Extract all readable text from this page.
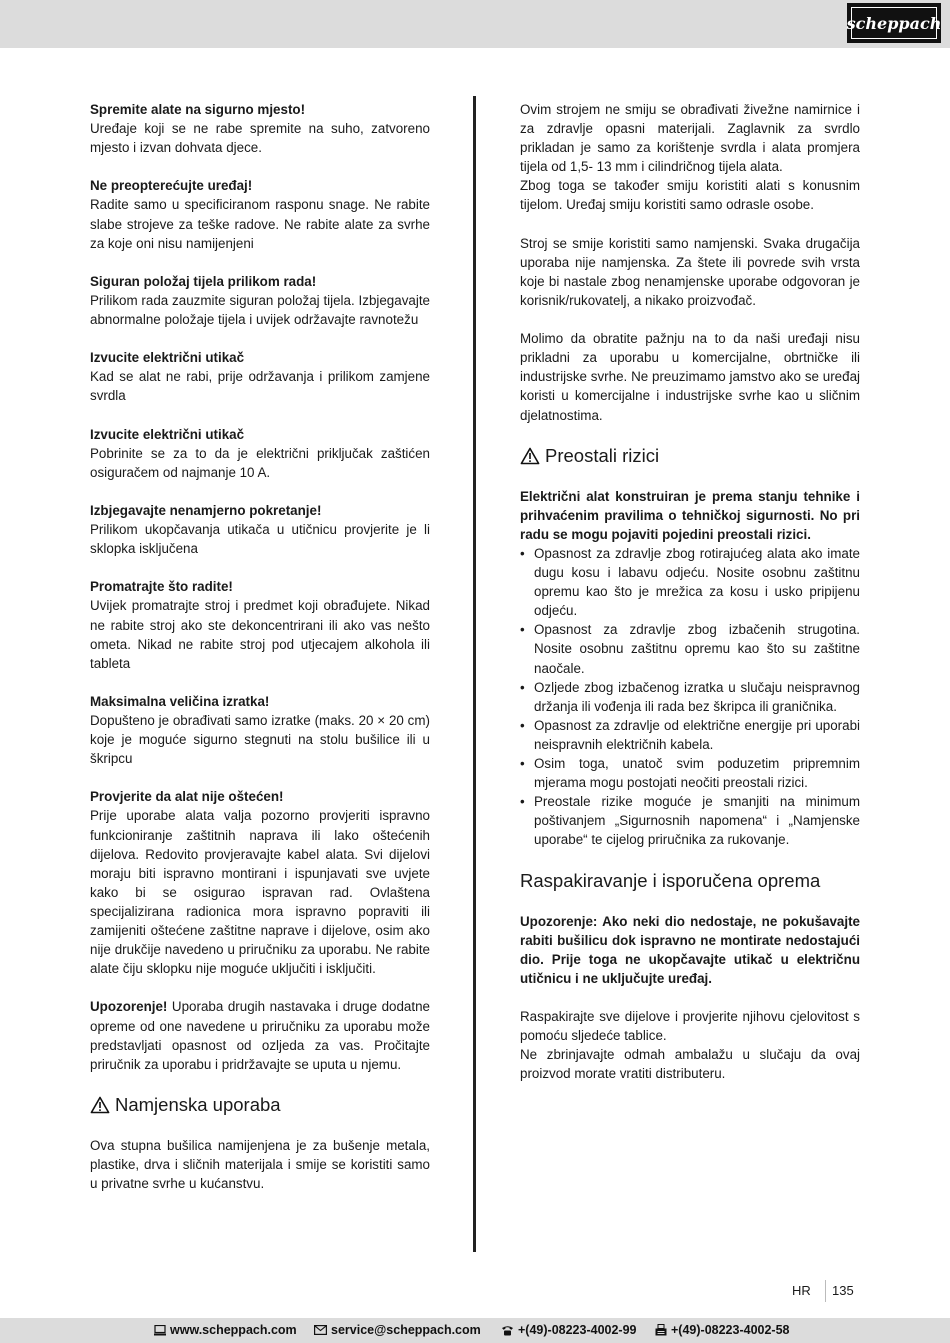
scheppach

Spremite alate na sigurno mjesto!

Uređaje koji se ne rabe spremite na suho, zatvoreno mjesto i izvan dohvata djece.

Ne preopterećujte uređaj!

Radite samo u specificiranom rasponu snage. Ne rabite slabe strojeve za teške radove. Ne rabite alate za svrhe za koje oni nisu namijenjeni

Siguran položaj tijela prilikom rada!

Prilikom rada zauzmite siguran položaj tijela. Izbjegavajte abnormalne položaje tijela i uvijek održavajte ravnotežu

Izvucite električni utikač

Kad se alat ne rabi, prije održavanja i prilikom zamjene svrdla

Izvucite električni utikač

Pobrinite se za to da je električni priključak zaštićen osiguračem od najmanje 10 A.

Izbjegavajte nenamjerno pokretanje!

Prilikom ukopčavanja utikača u utičnicu provjerite je li sklopka isključena

Promatrajte što radite!

Uvijek promatrajte stroj i predmet koji obrađujete. Nikad ne rabite stroj ako ste dekoncentrirani ili ako vas nešto ometa. Nikad ne rabite stroj pod utjecajem alkohola ili tableta

Maksimalna veličina izratka!

Dopušteno je obrađivati samo izratke (maks. 20 × 20 cm) koje je moguće sigurno stegnuti na stolu bušilice ili u škripcu

Provjerite da alat nije oštećen!

Prije uporabe alata valja pozorno provjeriti ispravno funkcioniranje zaštitnih naprava ili lako oštećenih dijelova. Redovito provjeravajte kabel alata. Svi dijelovi moraju biti ispravno montirani i ispunjavati sve uvjete kako bi se osigurao ispravan rad. Ovlaštena specijalizirana radionica mora ispravno popraviti ili zamijeniti oštećene zaštitne naprave i dijelove, osim ako nije drukčije navedeno u priručniku za uporabu. Ne rabite alate čiju sklopku nije moguće uključiti i isključiti.

Upozorenje! Uporaba drugih nastavaka i druge dodatne opreme od one navedene u priručniku za uporabu može predstavljati opasnost od ozljeda za vas. Pročitajte priručnik za uporabu i pridržavajte se uputa u njemu.

Namjenska uporaba

Ova stupna bušilica namijenjena je za bušenje metala, plastike, drva i sličnih materijala i smije se koristiti samo u privatne svrhe u kućanstvu.

Ovim strojem ne smiju se obrađivati živežne namirnice i za zdravlje opasni materijali. Zaglavnik za svrdlo prikladan je samo za korištenje svrdla i alata promjera tijela od 1,5- 13 mm i cilindričnog tijela alata.

Zbog toga se također smiju koristiti alati s konusnim tijelom. Uređaj smiju koristiti samo odrasle osobe.

Stroj se smije koristiti samo namjenski. Svaka drugačija uporaba nije namjenska. Za štete ili povrede svih vrsta koje bi nastale zbog nenamjenske uporabe odgovoran je korisnik/rukovatelj, a nikako proizvođač.

Molimo da obratite pažnju na to da naši uređaji nisu prikladni za uporabu u komercijalne, obrtničke ili industrijske svrhe. Ne preuzimamo jamstvo ako se uređaj koristi u komercijalne i industrijske svrhe kao u sličnim djelatnostima.

Preostali rizici

Električni alat konstruiran je prema stanju tehnike i prihvaćenim pravilima o tehničkoj sigurnosti. No pri radu se mogu pojaviti pojedini preostali rizici.

• Opasnost za zdravlje zbog rotirajućeg alata ako imate dugu kosu i labavu odjeću. Nosite osobnu zaštitnu opremu kao što je mrežica za kosu i usko pripijenu odjeću.
• Opasnost za zdravlje zbog izbačenih strugotina. Nosite osobnu zaštitnu opremu kao što su zaštitne naočale.
• Ozljede zbog izbačenog izratka u slučaju neispravnog držanja ili vođenja ili rada bez škripca ili graničnika.
• Opasnost za zdravlje od električne energije pri uporabi neispravnih električnih kabela.
• Osim toga, unatoč svim poduzetim pripremnim mjerama mogu postojati neočiti preostali rizici.
• Preostale rizike moguće je smanjiti na minimum poštivanjem „Sigurnosnih napomena“ i „Namjenske uporabe“ te cijelog priručnika za rukovanje.
Raspakiravanje i isporučena oprema

Upozorenje: Ako neki dio nedostaje, ne pokušavajte rabiti bušilicu dok ispravno ne montirate nedostajući dio. Prije toga ne ukopčavajte utikač u električnu utičnicu i ne uključujte uređaj.

Raspakirajte sve dijelove i provjerite njihovu cjelovitost s pomoću sljedeće tablice.

Ne zbrinjavajte odmah ambalažu u slučaju da ovaj proizvod morate vratiti distributeru.

HR 135
www.scheppach.com	service@scheppach.com	+(49)-08223-4002-99	+(49)-08223-4002-58
